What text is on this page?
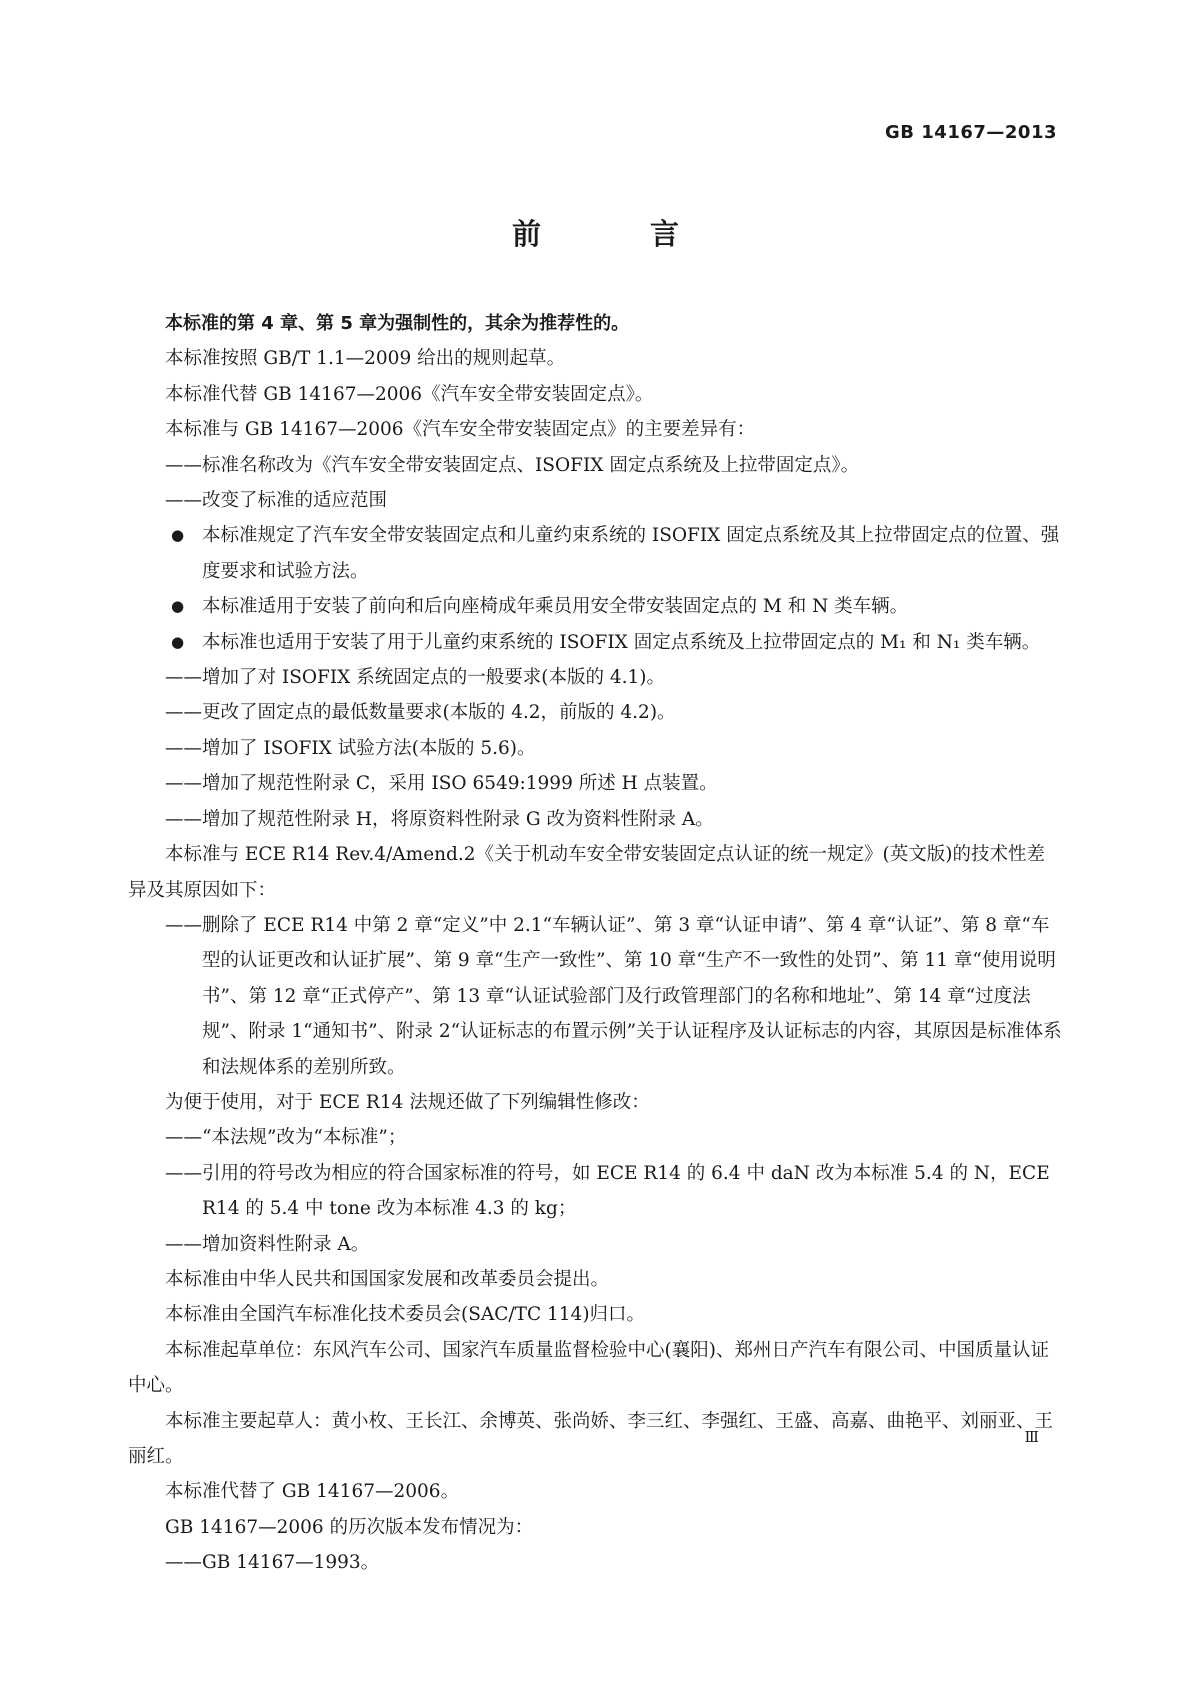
GB 14167—2013
前　言

本标准的第 4 章、第 5 章为强制性的，其余为推荐性的。

本标准按照 GB/T 1.1—2009 给出的规则起草。

本标准代替 GB 14167—2006《汽车安全带安装固定点》。

本标准与 GB 14167—2006《汽车安全带安装固定点》的主要差异有：

——标准名称改为《汽车安全带安装固定点、ISOFIX 固定点系统及上拉带固定点》。

——改变了标准的适应范围

● 本标准规定了汽车安全带安装固定点和儿童约束系统的 ISOFIX 固定点系统及其上拉带固定点的位置、强度要求和试验方法。

● 本标准适用于安装了前向和后向座椅成年乘员用安全带安装固定点的 M 和 N 类车辆。

● 本标准也适用于安装了用于儿童约束系统的 ISOFIX 固定点系统及上拉带固定点的 M₁ 和 N₁ 类车辆。

——增加了对 ISOFIX 系统固定点的一般要求(本版的 4.1)。

——更改了固定点的最低数量要求(本版的 4.2，前版的 4.2)。

——增加了 ISOFIX 试验方法(本版的 5.6)。

——增加了规范性附录 C，采用 ISO 6549:1999 所述 H 点装置。

——增加了规范性附录 H，将原资料性附录 G 改为资料性附录 A。

本标准与 ECE R14 Rev.4/Amend.2《关于机动车安全带安装固定点认证的统一规定》(英文版)的技术性差异及其原因如下：

——删除了 ECE R14 中第 2 章“定义”中 2.1“车辆认证”、第 3 章“认证申请”、第 4 章“认证”、第 8 章“车型的认证更改和认证扩展”、第 9 章“生产一致性”、第 10 章“生产不一致性的处罚”、第 11 章“使用说明书”、第 12 章“正式停产”、第 13 章“认证试验部门及行政管理部门的名称和地址”、第 14 章“过度法规”、附录 1“通知书”、附录 2“认证标志的布置示例”关于认证程序及认证标志的内容，其原因是标准体系和法规体系的差别所致。

为便于使用，对于 ECE R14 法规还做了下列编辑性修改：

——“本法规”改为“本标准”；

——引用的符号改为相应的符合国家标准的符号，如 ECE R14 的 6.4 中 daN 改为本标准 5.4 的 N，ECE R14 的 5.4 中 tone 改为本标准 4.3 的 kg；

——增加资料性附录 A。

本标准由中华人民共和国国家发展和改革委员会提出。

本标准由全国汽车标准化技术委员会(SAC/TC 114)归口。

本标准起草单位：东风汽车公司、国家汽车质量监督检验中心(襄阳)、郑州日产汽车有限公司、中国质量认证中心。

本标准主要起草人：黄小枚、王长江、余博英、张尚娇、李三红、李强红、王盛、高嘉、曲艳平、刘丽亚、王丽红。

本标准代替了 GB 14167—2006。

GB 14167—2006 的历次版本发布情况为：

——GB 14167—1993。

Ⅲ
